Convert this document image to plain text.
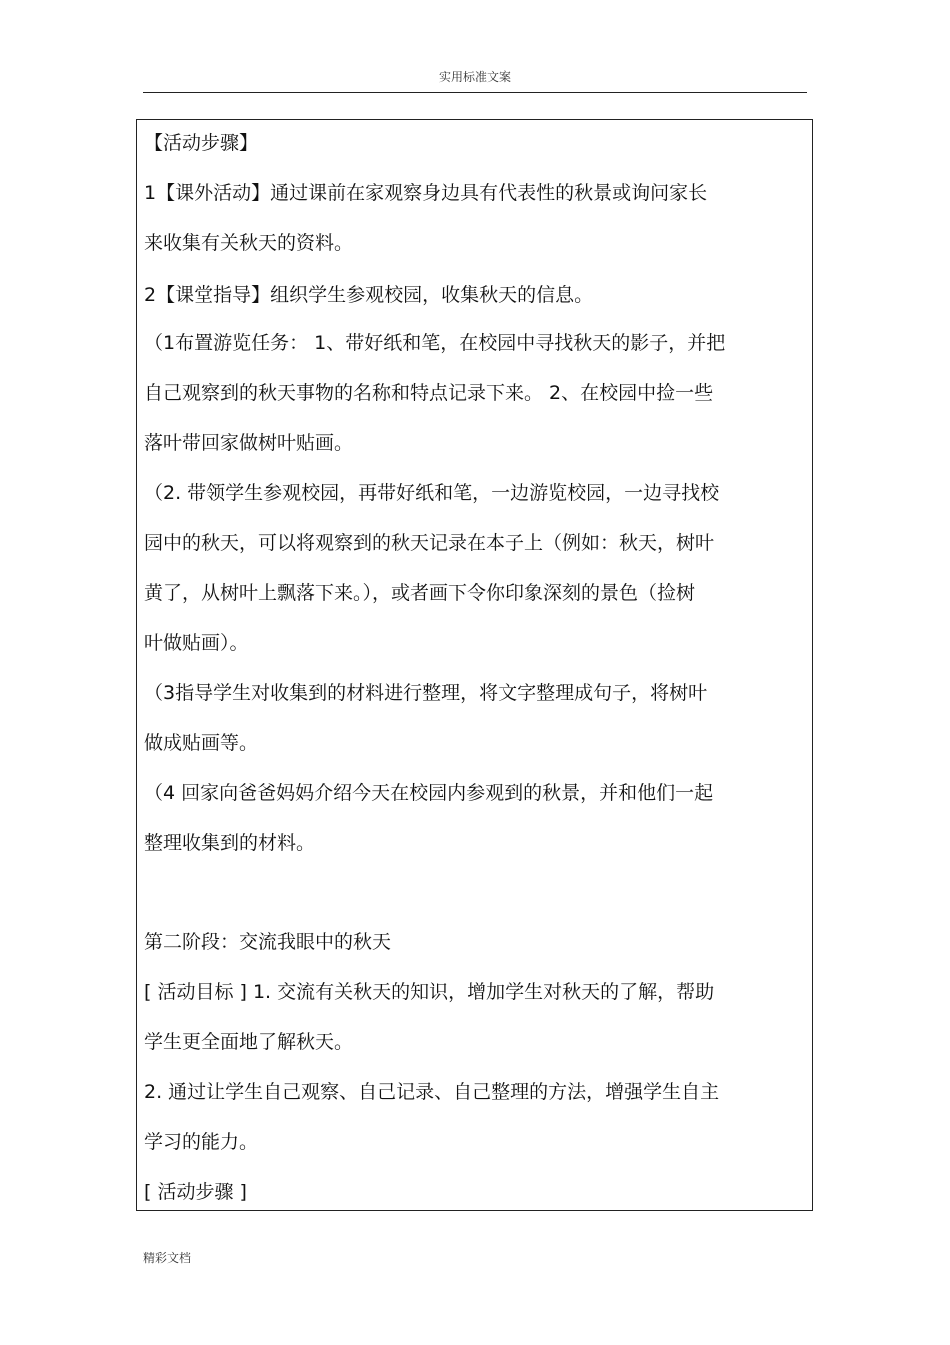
实用标准文案
【活动步骤】
1【课外活动】通过课前在家观察身边具有代表性的秋景或询问家长
来收集有关秋天的资料。
2【课堂指导】组织学生参观校园，收集秋天的信息。
（1布置游览任务： 1、带好纸和笔，在校园中寻找秋天的影子，并把
自己观察到的秋天事物的名称和特点记录下来。 2、在校园中捡一些
落叶带回家做树叶贴画。
（2. 带领学生参观校园，再带好纸和笔，一边游览校园，一边寻找校
园中的秋天，可以将观察到的秋天记录在本子上（例如：秋天，树叶
黄了，从树叶上飘落下来。），或者画下令你印象深刻的景色（捡树
叶做贴画）。
（3指导学生对收集到的材料进行整理，将文字整理成句子，将树叶
做成贴画等。
（4 回家向爸爸妈妈介绍今天在校园内参观到的秋景，并和他们一起
整理收集到的材料。
第二阶段：交流我眼中的秋天
[ 活动目标 ] 1. 交流有关秋天的知识，增加学生对秋天的了解，帮助
学生更全面地了解秋天。
2. 通过让学生自己观察、自己记录、自己整理的方法，增强学生自主
学习的能力。
[ 活动步骤 ]
精彩文档
